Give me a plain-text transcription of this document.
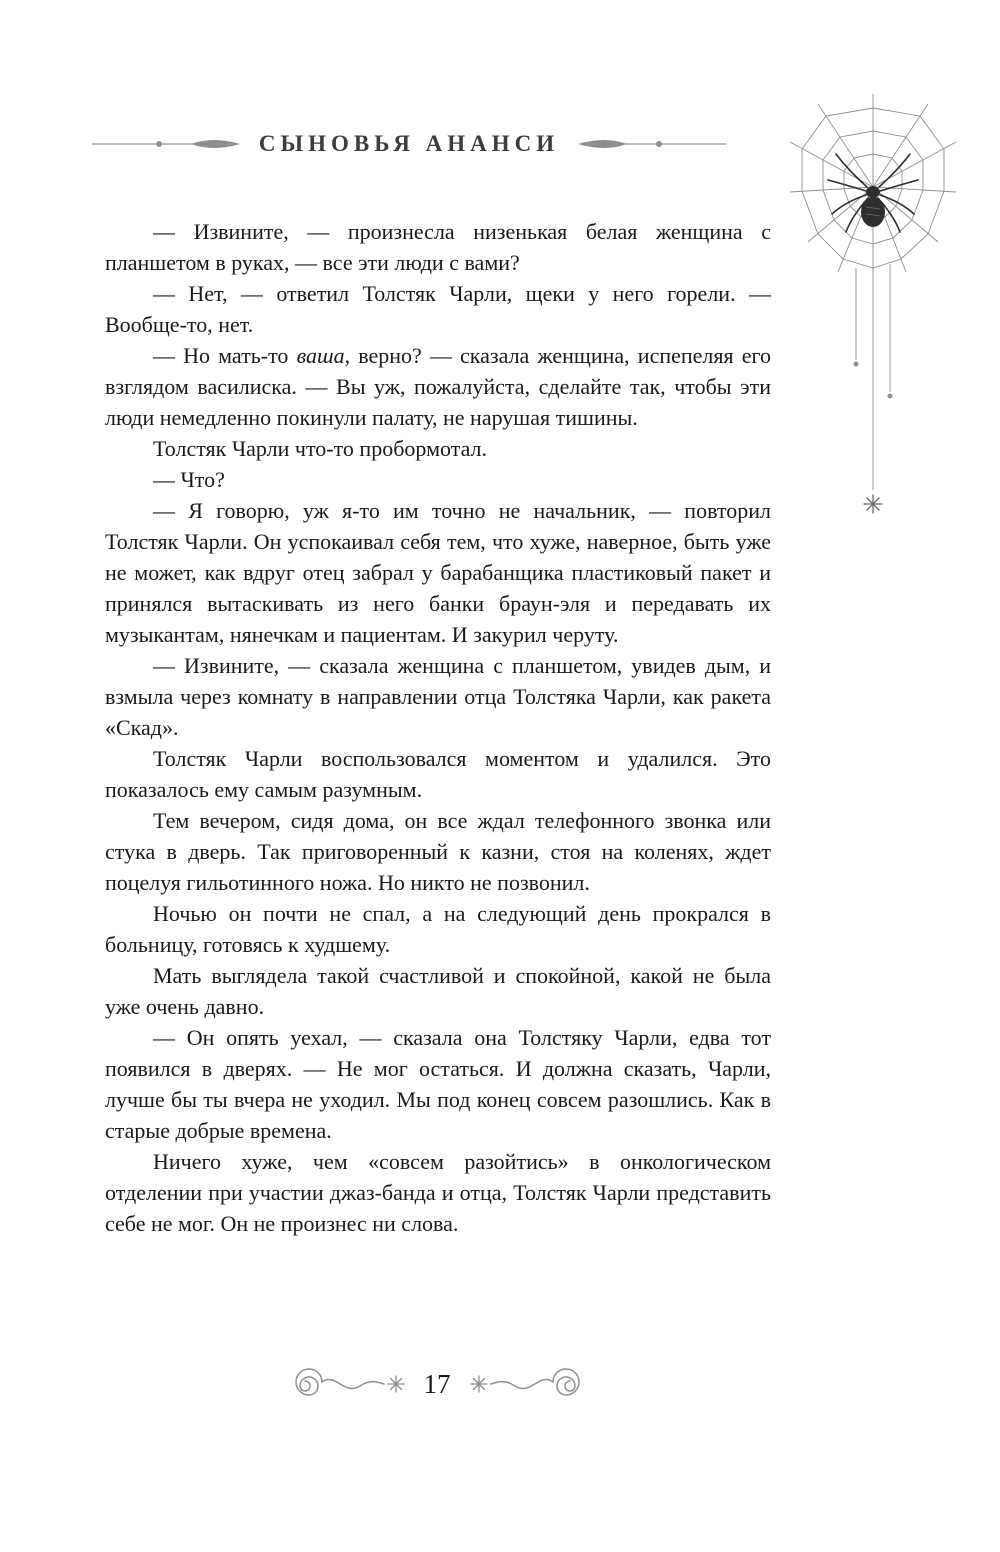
СЫНОВЬЯ АНАНСИ

— Извините, — произнесла низенькая белая женщина с планшетом в руках, — все эти люди с вами?

— Нет, — ответил Толстяк Чарли, щеки у него горели. — Вообще-то, нет.

— Но мать-то ваша, верно? — сказала женщина, испепеляя его взглядом василиска. — Вы уж, пожалуйста, сделайте так, чтобы эти люди немедленно покинули палату, не нарушая тишины.

Толстяк Чарли что-то пробормотал.

— Что?

— Я говорю, уж я-то им точно не начальник, — повторил Толстяк Чарли. Он успокаивал себя тем, что хуже, наверное, быть уже не может, как вдруг отец забрал у барабанщика пластиковый пакет и принялся вытаскивать из него банки браун-эля и передавать их музыкантам, нянечкам и пациентам. И закурил черуту.

— Извините, — сказала женщина с планшетом, увидев дым, и взмыла через комнату в направлении отца Толстяка Чарли, как ракета «Скад».

Толстяк Чарли воспользовался моментом и удалился. Это показалось ему самым разумным.

Тем вечером, сидя дома, он все ждал телефонного звонка или стука в дверь. Так приговоренный к казни, стоя на коленях, ждет поцелуя гильотинного ножа. Но никто не позвонил.

Ночью он почти не спал, а на следующий день прокрался в больницу, готовясь к худшему.

Мать выглядела такой счастливой и спокойной, какой не была уже очень давно.

— Он опять уехал, — сказала она Толстяку Чарли, едва тот появился в дверях. — Не мог остаться. И должна сказать, Чарли, лучше бы ты вчера не уходил. Мы под конец совсем разошлись. Как в старые добрые времена.

Ничего хуже, чем «совсем разойтись» в онкологическом отделении при участии джаз-банда и отца, Толстяк Чарли представить себе не мог. Он не произнес ни слова.

17
